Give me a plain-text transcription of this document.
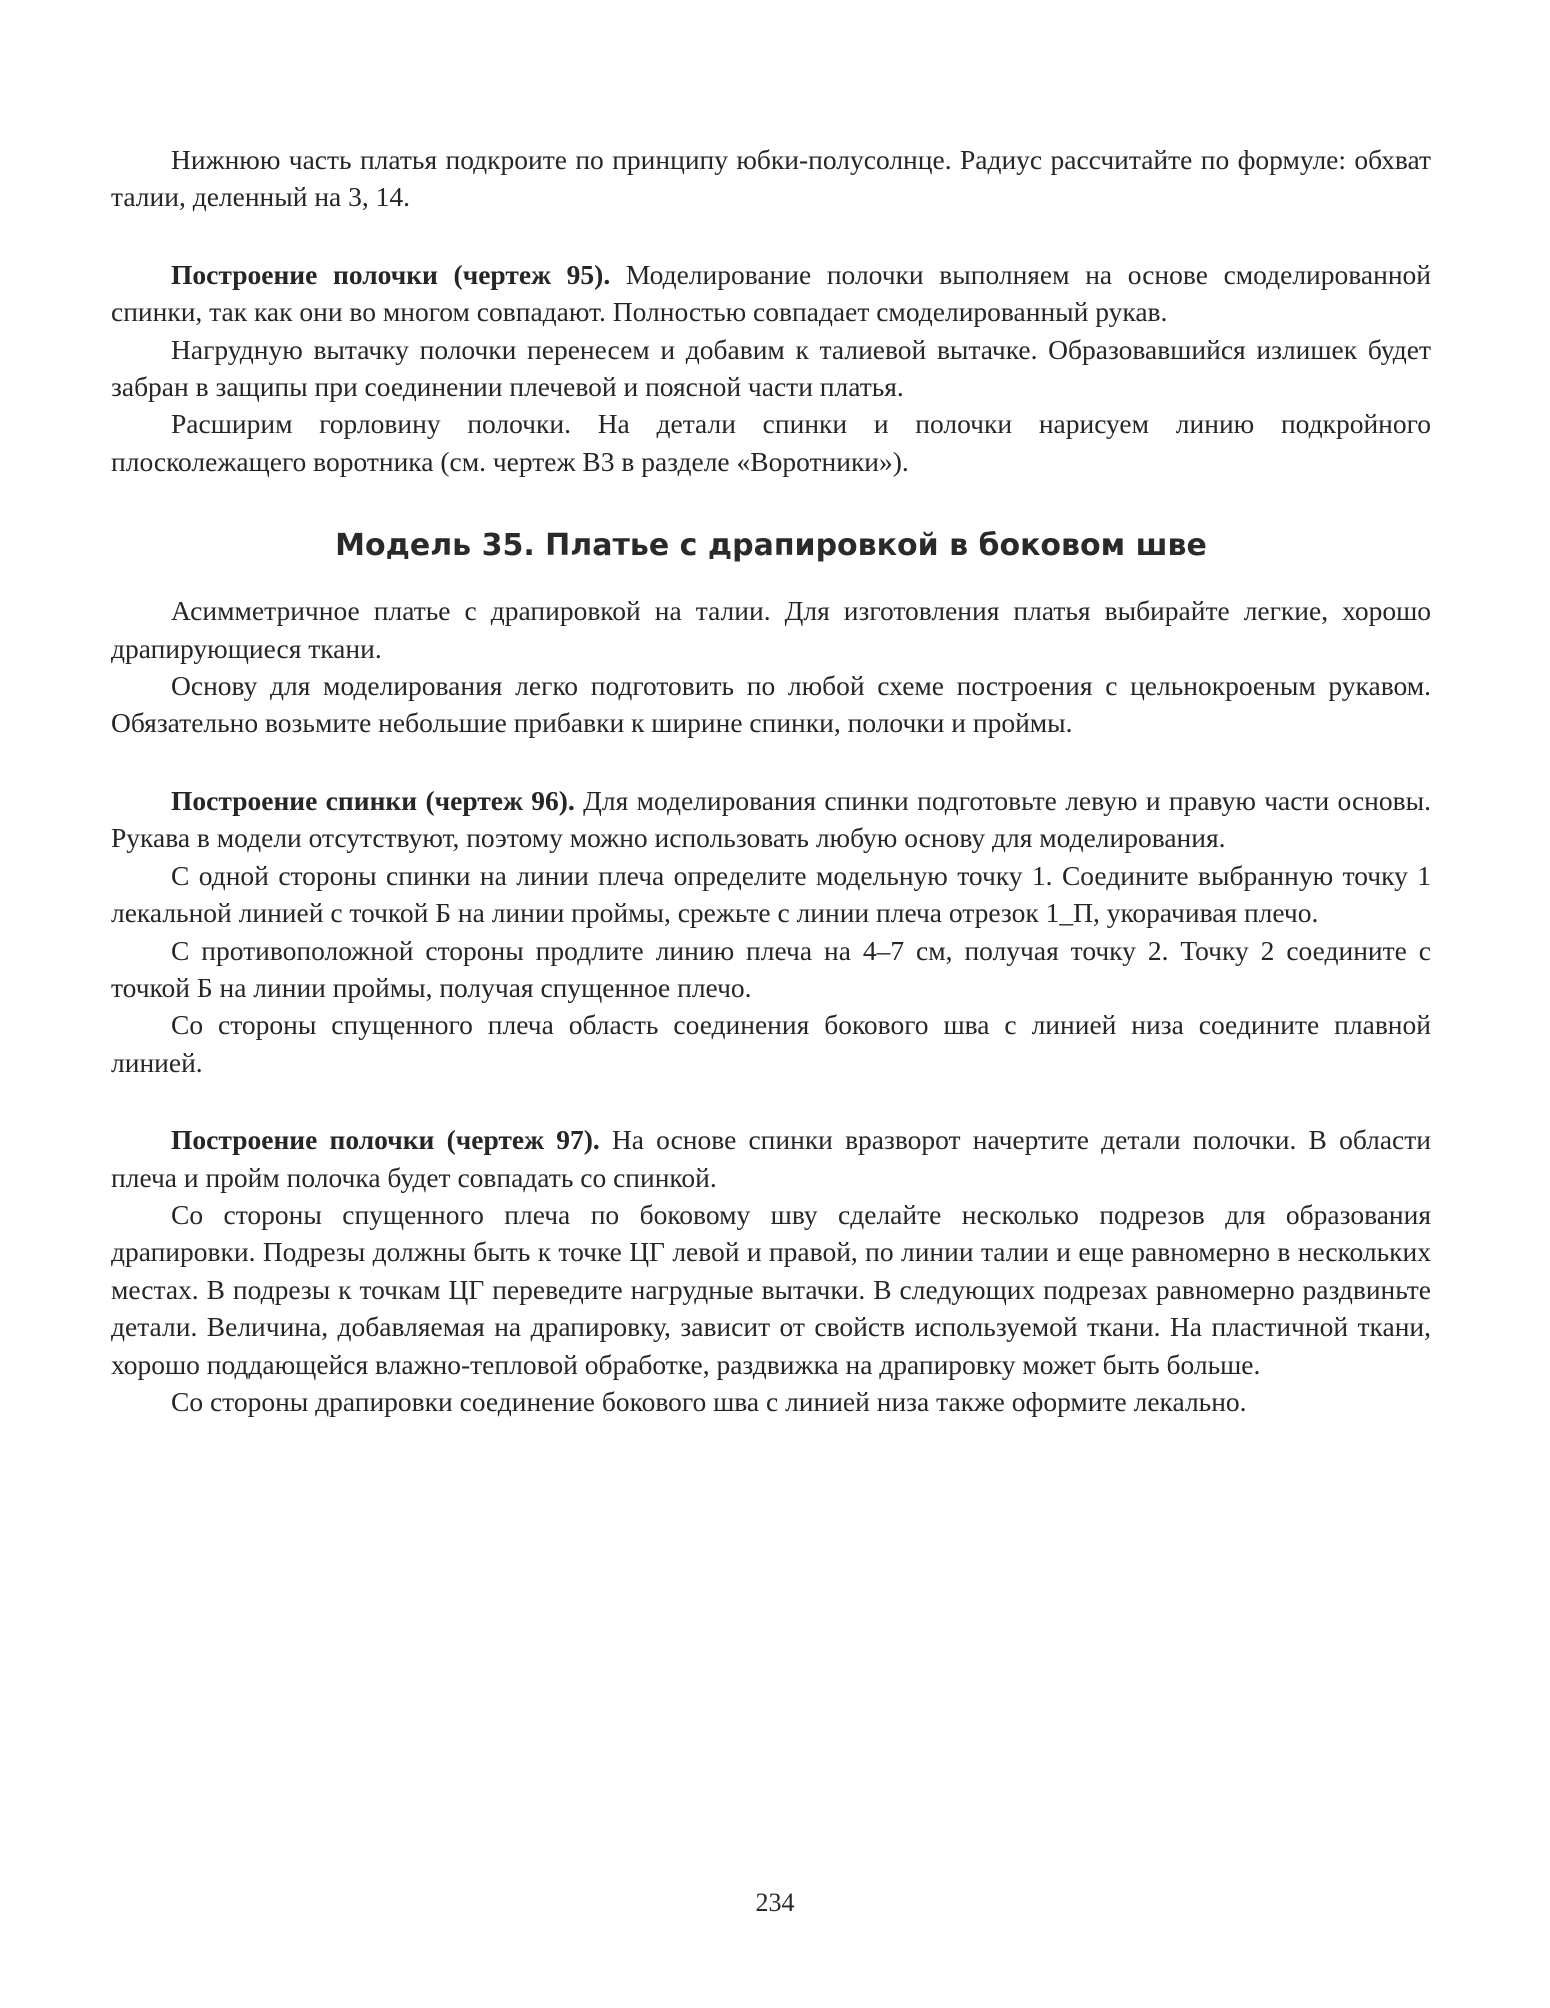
Нижнюю часть платья подкроите по принципу юбки-полусолнце. Радиус рассчитайте по формуле: обхват талии, деленный на 3, 14.

Построение полочки (чертеж 95). Моделирование полочки выполняем на основе смоделированной спинки, так как они во многом совпадают. Полностью совпадает смоделированный рукав.

Нагрудную вытачку полочки перенесем и добавим к талиевой вытачке. Образовавшийся излишек будет забран в защипы при соединении плечевой и поясной части платья.

Расширим горловину полочки. На детали спинки и полочки нарисуем линию подкройного плосколежащего воротника (см. чертеж В3 в разделе «Воротники»).

Модель 35. Платье с драпировкой в боковом шве

Асимметричное платье с драпировкой на талии. Для изготовления платья выбирайте легкие, хорошо драпирующиеся ткани.

Основу для моделирования легко подготовить по любой схеме построения с цельнокроеным рукавом. Обязательно возьмите небольшие прибавки к ширине спинки, полочки и проймы.

Построение спинки (чертеж 96). Для моделирования спинки подготовьте левую и правую части основы. Рукава в модели отсутствуют, поэтому можно использовать любую основу для моделирования.

С одной стороны спинки на линии плеча определите модельную точку 1. Соедините выбранную точку 1 лекальной линией с точкой Б на линии проймы, срежьте с линии плеча отрезок 1_П, укорачивая плечо.

С противоположной стороны продлите линию плеча на 4–7 см, получая точку 2. Точку 2 соедините с точкой Б на линии проймы, получая спущенное плечо.

Со стороны спущенного плеча область соединения бокового шва с линией низа соедините плавной линией.

Построение полочки (чертеж 97). На основе спинки вразворот начертите детали полочки. В области плеча и пройм полочка будет совпадать со спинкой.

Со стороны спущенного плеча по боковому шву сделайте несколько подрезов для образования драпировки. Подрезы должны быть к точке ЦГ левой и правой, по линии талии и еще равномерно в нескольких местах. В подрезы к точкам ЦГ переведите нагрудные вытачки. В следующих подрезах равномерно раздвиньте детали. Величина, добавляемая на драпировку, зависит от свойств используемой ткани. На пластичной ткани, хорошо поддающейся влажно-тепловой обработке, раздвижка на драпировку может быть больше.

Со стороны драпировки соединение бокового шва с линией низа также оформите лекально.

234
